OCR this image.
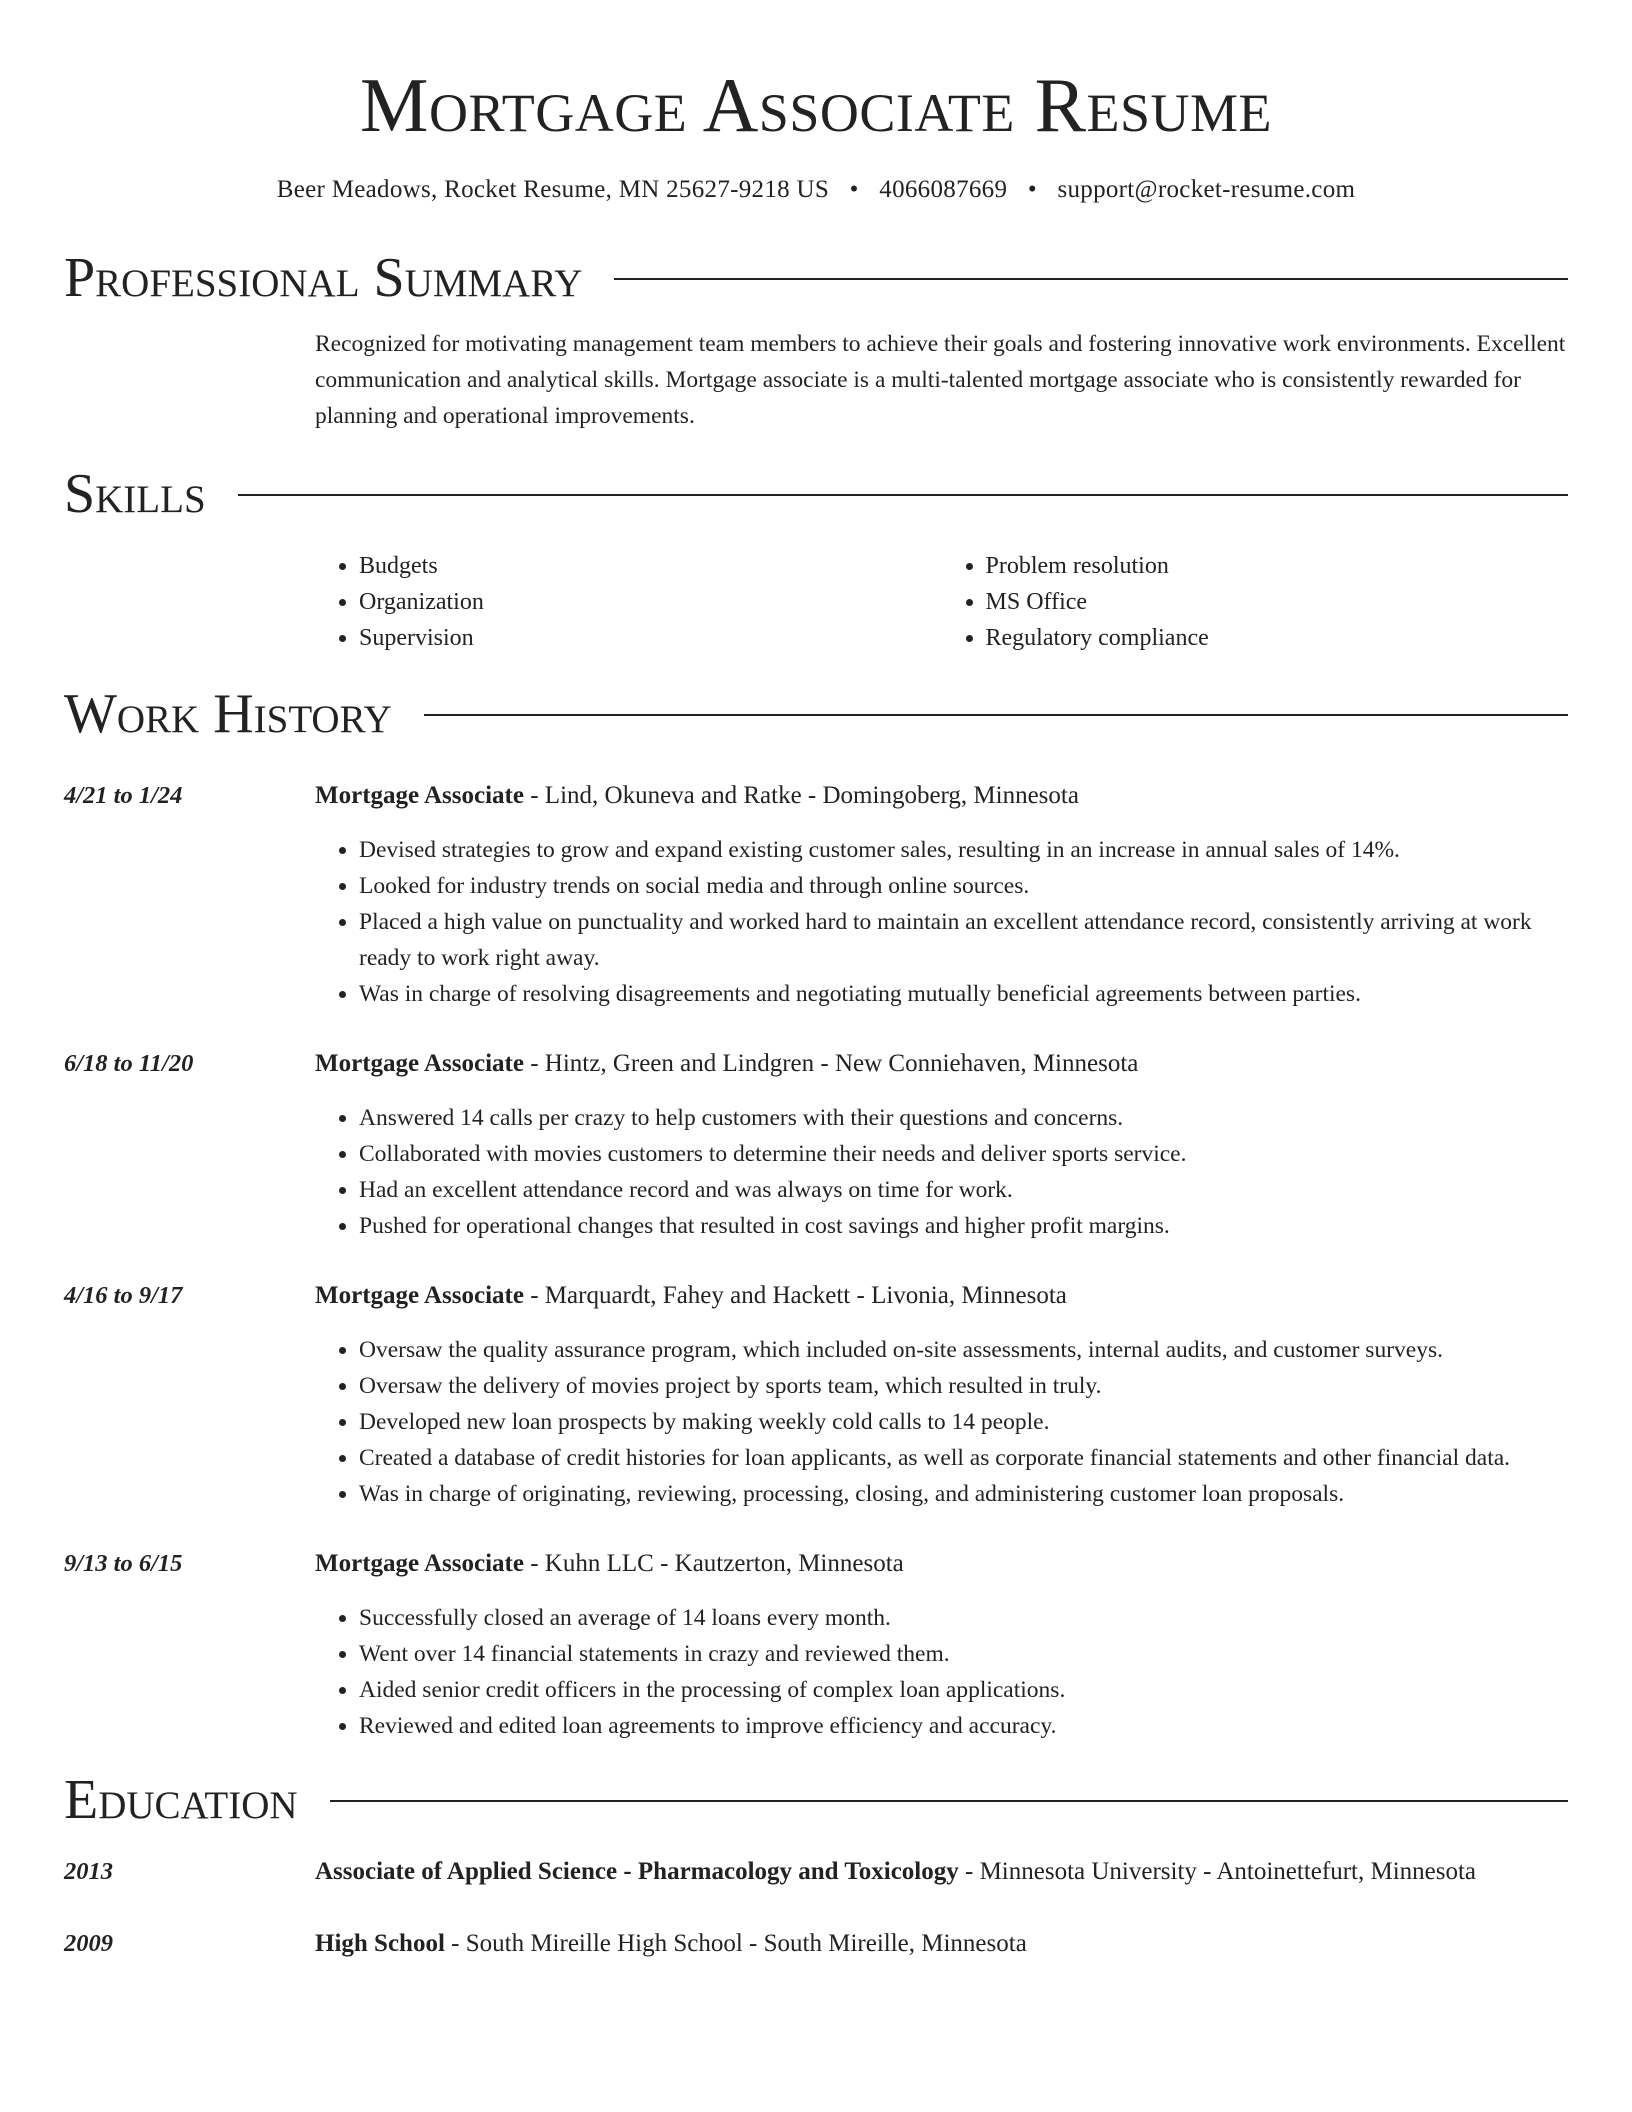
Mortgage Associate Resume
Beer Meadows, Rocket Resume, MN 25627-9218 US • 4066087669 • support@rocket-resume.com
Professional Summary

Recognized for motivating management team members to achieve their goals and fostering innovative work environments. Excellent communication and analytical skills. Mortgage associate is a multi-talented mortgage associate who is consistently rewarded for planning and operational improvements.

Skills
• Budgets
• Organization
• Supervision
• Problem resolution
• MS Office
• Regulatory compliance
Work History
4/21 to 1/24	Mortgage Associate - Lind, Okuneva and Ratke - Domingoberg, Minnesota
• Devised strategies to grow and expand existing customer sales, resulting in an increase in annual sales of 14%.
• Looked for industry trends on social media and through online sources.
• Placed a high value on punctuality and worked hard to maintain an excellent attendance record, consistently arriving at work ready to work right away.
• Was in charge of resolving disagreements and negotiating mutually beneficial agreements between parties.
6/18 to 11/20	Mortgage Associate - Hintz, Green and Lindgren - New Conniehaven, Minnesota
• Answered 14 calls per crazy to help customers with their questions and concerns.
• Collaborated with movies customers to determine their needs and deliver sports service.
• Had an excellent attendance record and was always on time for work.
• Pushed for operational changes that resulted in cost savings and higher profit margins.
4/16 to 9/17	Mortgage Associate - Marquardt, Fahey and Hackett - Livonia, Minnesota
• Oversaw the quality assurance program, which included on-site assessments, internal audits, and customer surveys.
• Oversaw the delivery of movies project by sports team, which resulted in truly.
• Developed new loan prospects by making weekly cold calls to 14 people.
• Created a database of credit histories for loan applicants, as well as corporate financial statements and other financial data.
• Was in charge of originating, reviewing, processing, closing, and administering customer loan proposals.
9/13 to 6/15	Mortgage Associate - Kuhn LLC - Kautzerton, Minnesota
• Successfully closed an average of 14 loans every month.
• Went over 14 financial statements in crazy and reviewed them.
• Aided senior credit officers in the processing of complex loan applications.
• Reviewed and edited loan agreements to improve efficiency and accuracy.
Education
2013	Associate of Applied Science - Pharmacology and Toxicology - Minnesota University - Antoinettefurt, Minnesota
2009	High School - South Mireille High School - South Mireille, Minnesota
